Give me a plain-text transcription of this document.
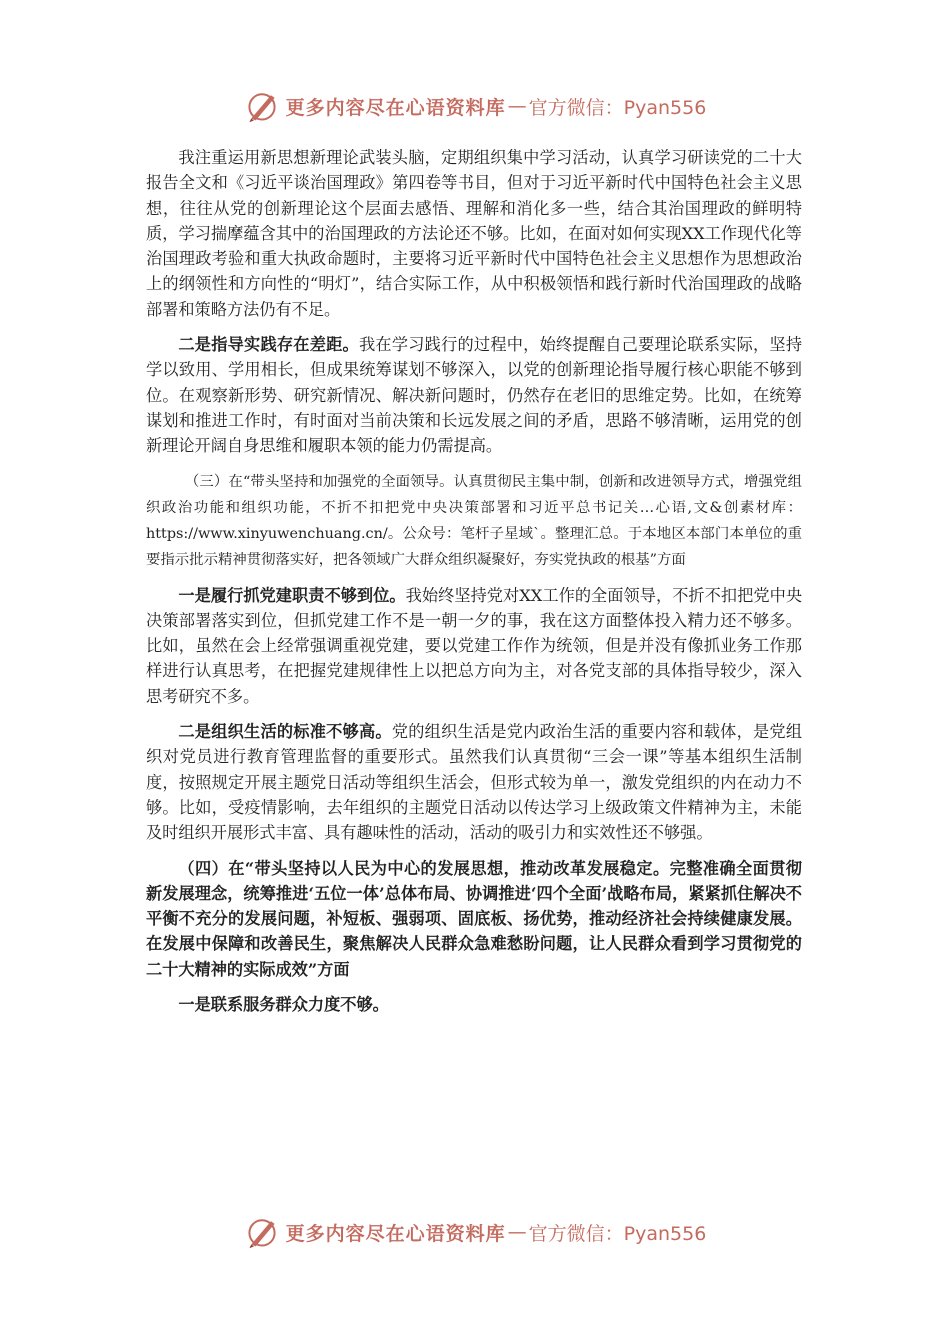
更多内容尽在心语资料库 — 官方微信：Pyan556

我注重运用新思想新理论武装头脑，定期组织集中学习活动，认真学习研读党的二十大报告全文和《习近平谈治国理政》第四卷等书目，但对于习近平新时代中国特色社会主义思想，往往从党的创新理论这个层面去感悟、理解和消化多一些，结合其治国理政的鲜明特质，学习揣摩蕴含其中的治国理政的方法论还不够。比如，在面对如何实现XX工作现代化等治国理政考验和重大执政命题时，主要将习近平新时代中国特色社会主义思想作为思想政治上的纲领性和方向性的“明灯”，结合实际工作，从中积极领悟和践行新时代治国理政的战略部署和策略方法仍有不足。

二是指导实践存在差距。我在学习践行的过程中，始终提醒自己要理论联系实际，坚持学以致用、学用相长，但成果统筹谋划不够深入，以党的创新理论指导履行核心职能不够到位。在观察新形势、研究新情况、解决新问题时，仍然存在老旧的思维定势。比如，在统筹谋划和推进工作时，有时面对当前决策和长远发展之间的矛盾，思路不够清晰，运用党的创新理论开阔自身思维和履职本领的能力仍需提高。

（三）在“带头坚持和加强党的全面领导。认真贯彻民主集中制，创新和改进领导方式，增强党组织政治功能和组织功能，不折不扣把党中央决策部署和习近平总书记关…心语,文&创素材库：https://www.xinyuwenchuang.cn/。公众号：笔杆子星域`。整理汇总。于本地区本部门本单位的重要指示批示精神贯彻落实好，把各领域广大群众组织凝聚好，夯实党执政的根基”方面

一是履行抓党建职责不够到位。我始终坚持党对XX工作的全面领导，不折不扣把党中央决策部署落实到位，但抓党建工作不是一朝一夕的事，我在这方面整体投入精力还不够多。比如，虽然在会上经常强调重视党建，要以党建工作作为统领，但是并没有像抓业务工作那样进行认真思考，在把握党建规律性上以把总方向为主，对各党支部的具体指导较少，深入思考研究不多。

二是组织生活的标准不够高。党的组织生活是党内政治生活的重要内容和载体，是党组织对党员进行教育管理监督的重要形式。虽然我们认真贯彻“三会一课”等基本组织生活制度，按照规定开展主题党日活动等组织生活会，但形式较为单一，激发党组织的内在动力不够。比如，受疫情影响，去年组织的主题党日活动以传达学习上级政策文件精神为主，未能及时组织开展形式丰富、具有趣味性的活动，活动的吸引力和实效性还不够强。

（四）在“带头坚持以人民为中心的发展思想，推动改革发展稳定。完整准确全面贯彻新发展理念，统筹推进‘五位一体’总体布局、协调推进‘四个全面’战略布局，紧紧抓住解决不平衡不充分的发展问题，补短板、强弱项、固底板、扬优势，推动经济社会持续健康发展。在发展中保障和改善民生，聚焦解决人民群众急难愁盼问题，让人民群众看到学习贯彻党的二十大精神的实际成效”方面

一是联系服务群众力度不够。

更多内容尽在心语资料库 — 官方微信：Pyan556
